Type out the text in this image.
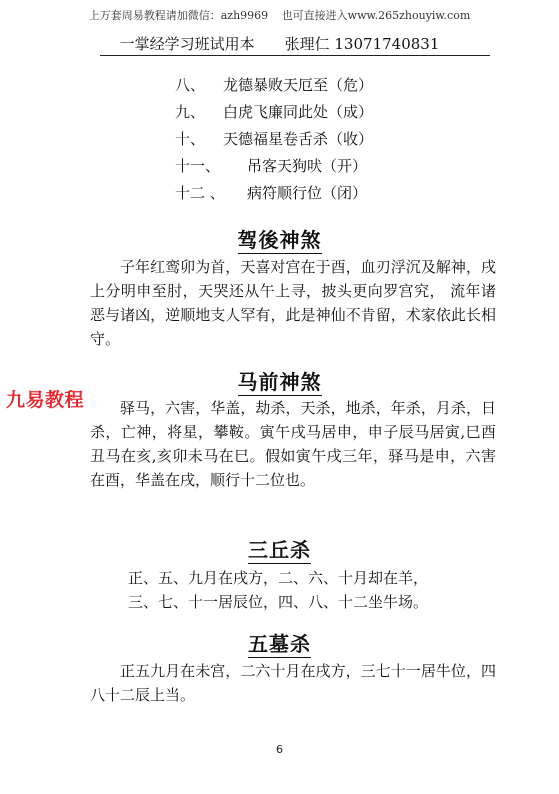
上万套周易教程请加微信：azh9969 也可直接进入www.265zhouyiw.com
一掌经学习班试用本 张理仁 13071740831
八、 龙德暴败天厄至（危）
九、 白虎飞廉同此处（成）
十、 天德福星卷舌杀（收）
十一、 吊客天狗吠（开）
十二 、 病符顺行位（闭）
驾後神煞
子年红鸾卯为首，天喜对宫在于酉，血刃浮沉及解神，戌上分明申至肘，天哭还从午上寻，披头更向罗宫究， 流年诸恶与诸凶，逆顺地支人罕有，此是神仙不肯留，术家依此长相守。
九易教程
马前神煞
驿马，六害，华盖，劫杀，天杀，地杀，年杀，月杀，日杀，亡神，将星，攀鞍。寅午戌马居申，申子辰马居寅,巳酉丑马在亥,亥卯未马在巳。假如寅午戌三年，驿马是申，六害在酉，华盖在戌，顺行十二位也。
三丘杀
正、五、九月在戌方，二、六、十月却在羊，
三、七、十一居辰位，四、八、十二坐牛场。
五墓杀
正五九月在未宫，二六十月在戌方，三七十一居牛位，四八十二辰上当。
6
